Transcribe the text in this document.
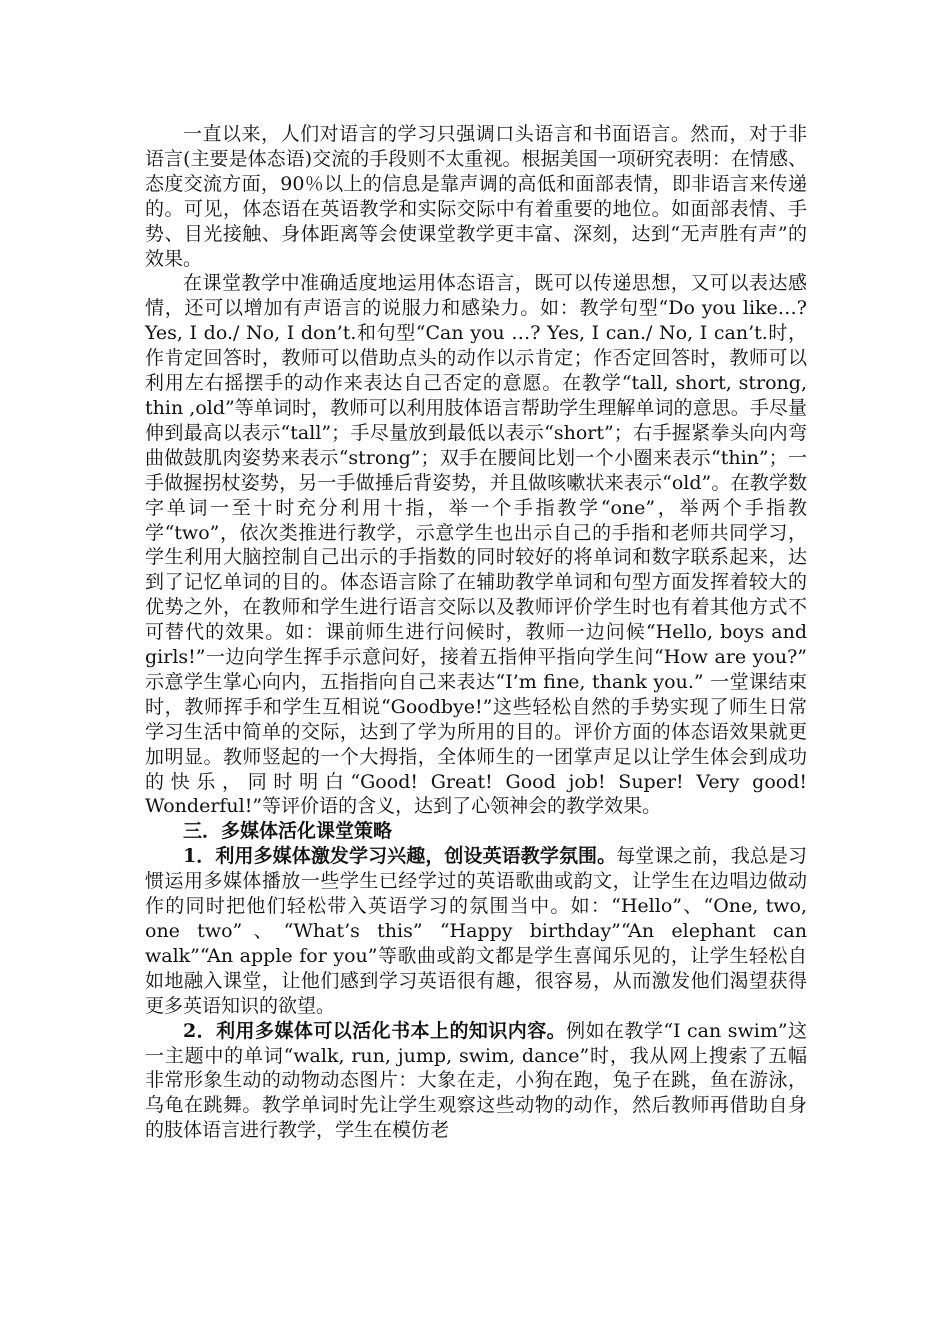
一直以来，人们对语言的学习只强调口头语言和书面语言。然而，对于非语言(主要是体态语)交流的手段则不太重视。根据美国一项研究表明：在情感、态度交流方面，90％以上的信息是靠声调的高低和面部表情，即非语言来传递的。可见，体态语在英语教学和实际交际中有着重要的地位。如面部表情、手势、目光接触、身体距离等会使课堂教学更丰富、深刻，达到“无声胜有声”的效果。

在课堂教学中准确适度地运用体态语言，既可以传递思想，又可以表达感情，还可以增加有声语言的说服力和感染力。如：教学句型“Do you like…? Yes, I do./ No, I don’t.和句型“Can you …? Yes, I can./ No, I can’t.时，作肯定回答时，教师可以借助点头的动作以示肯定；作否定回答时，教师可以利用左右摇摆手的动作来表达自己否定的意愿。在教学“tall, short, strong, thin ,old”等单词时，教师可以利用肢体语言帮助学生理解单词的意思。手尽量伸到最高以表示“tall”；手尽量放到最低以表示“short”；右手握紧拳头向内弯曲做鼓肌肉姿势来表示“strong”；双手在腰间比划一个小圈来表示“thin”；一手做握拐杖姿势，另一手做捶后背姿势，并且做咳嗽状来表示“old”。在教学数字单词一至十时充分利用十指，举一个手指教学“one”，举两个手指教学“two”，依次类推进行教学，示意学生也出示自己的手指和老师共同学习，学生利用大脑控制自己出示的手指数的同时较好的将单词和数字联系起来，达到了记忆单词的目的。体态语言除了在辅助教学单词和句型方面发挥着较大的优势之外，在教师和学生进行语言交际以及教师评价学生时也有着其他方式不可替代的效果。如：课前师生进行问候时，教师一边问候“Hello, boys and girls!”一边向学生挥手示意问好，接着五指伸平指向学生问“How are you?” 示意学生掌心向内，五指指向自己来表达“I’m fine, thank you.” 一堂课结束时，教师挥手和学生互相说“Goodbye!”这些轻松自然的手势实现了师生日常学习生活中简单的交际，达到了学为所用的目的。评价方面的体态语效果就更加明显。教师竖起的一个大拇指，全体师生的一团掌声足以让学生体会到成功的快乐，同时明白“Good! Great! Good job! Super! Very good! Wonderful!”等评价语的含义，达到了心领神会的教学效果。

三．多媒体活化课堂策略

1．利用多媒体激发学习兴趣，创设英语教学氛围。每堂课之前，我总是习惯运用多媒体播放一些学生已经学过的英语歌曲或韵文，让学生在边唱边做动作的同时把他们轻松带入英语学习的氛围当中。如：“Hello”、“One, two, one two”、“What’s this” “Happy birthday”“An elephant can walk”“An apple for you”等歌曲或韵文都是学生喜闻乐见的，让学生轻松自如地融入课堂，让他们感到学习英语很有趣，很容易，从而激发他们渴望获得更多英语知识的欲望。

2．利用多媒体可以活化书本上的知识内容。例如在教学“I can swim”这一主题中的单词“walk, run, jump, swim, dance”时，我从网上搜索了五幅非常形象生动的动物动态图片：大象在走，小狗在跑，兔子在跳，鱼在游泳，乌龟在跳舞。教学单词时先让学生观察这些动物的动作，然后教师再借助自身的肢体语言进行教学，学生在模仿老
